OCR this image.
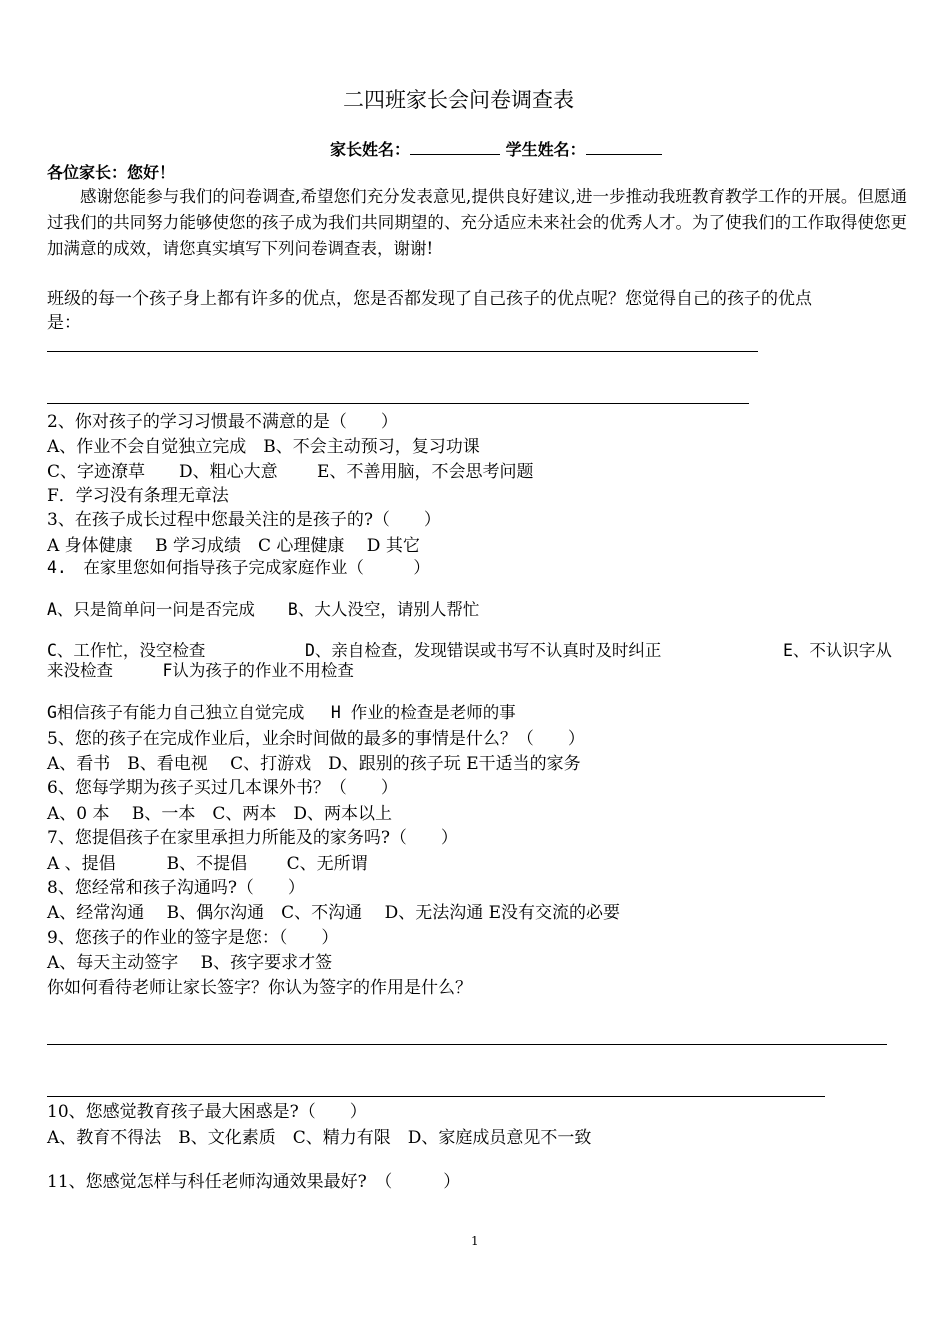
二四班家长会问卷调查表
家长姓名：	学生姓名：
各位家长：您好！
感谢您能参与我们的问卷调查,希望您们充分发表意见,提供良好建议,进一步推动我班教育教学工作的开展。但愿通过我们的共同努力能够使您的孩子成为我们共同期望的、充分适应未来社会的优秀人才。为了使我们的工作取得使您更加满意的成效，请您真实填写下列问卷调查表，谢谢!
班级的每一个孩子身上都有许多的优点，您是否都发现了自己孩子的优点呢？您觉得自己的孩子的优点
是：
2、你对孩子的学习习惯最不满意的是（　　）
A、作业不会自觉独立完成　B、不会主动预习，复习功课
C、字迹潦草　　D、粗心大意　　 E、不善用脑，不会思考问题
F．学习没有条理无章法
3、在孩子成长过程中您最关注的是孩子的?（　　）
A 身体健康　 B 学习成绩　C 心理健康　 D 其它
4.　在家里您如何指导孩子完成家庭作业（　　　）
A、只是简单问一问是否完成　　B、大人没空，请别人帮忙
C、工作忙，没空检查	D、亲自检查，发现错误或书写不认真时及时纠正	E、不认识字从
来没检查　　　F认为孩子的作业不用检查
G相信孩子有能力自己独立自觉完成　 H 作业的检查是老师的事
5、您的孩子在完成作业后，业余时间做的最多的事情是什么？（　　）
A、看书　B、看电视　 C、打游戏　D、跟别的孩子玩 E干适当的家务
6、您每学期为孩子买过几本课外书？（　　）
A、0 本　 B、一本　C、两本　D、两本以上
7、您提倡孩子在家里承担力所能及的家务吗?（　　）
A 、提倡　　　B、不提倡　　 C、无所谓
8、您经常和孩子沟通吗?（　　）
A、经常沟通　 B、偶尔沟通　C、不沟通　 D、无法沟通 E没有交流的必要
9、您孩子的作业的签字是您：（　　）
A、每天主动签字　 B、孩字要求才签
你如何看待老师让家长签字？你认为签字的作用是什么？
10、您感觉教育孩子最大困惑是?（　　）
A、教育不得法　B、文化素质　C、精力有限　D、家庭成员意见不一致
11、您感觉怎样与科任老师沟通效果最好?　（　　　）
1
